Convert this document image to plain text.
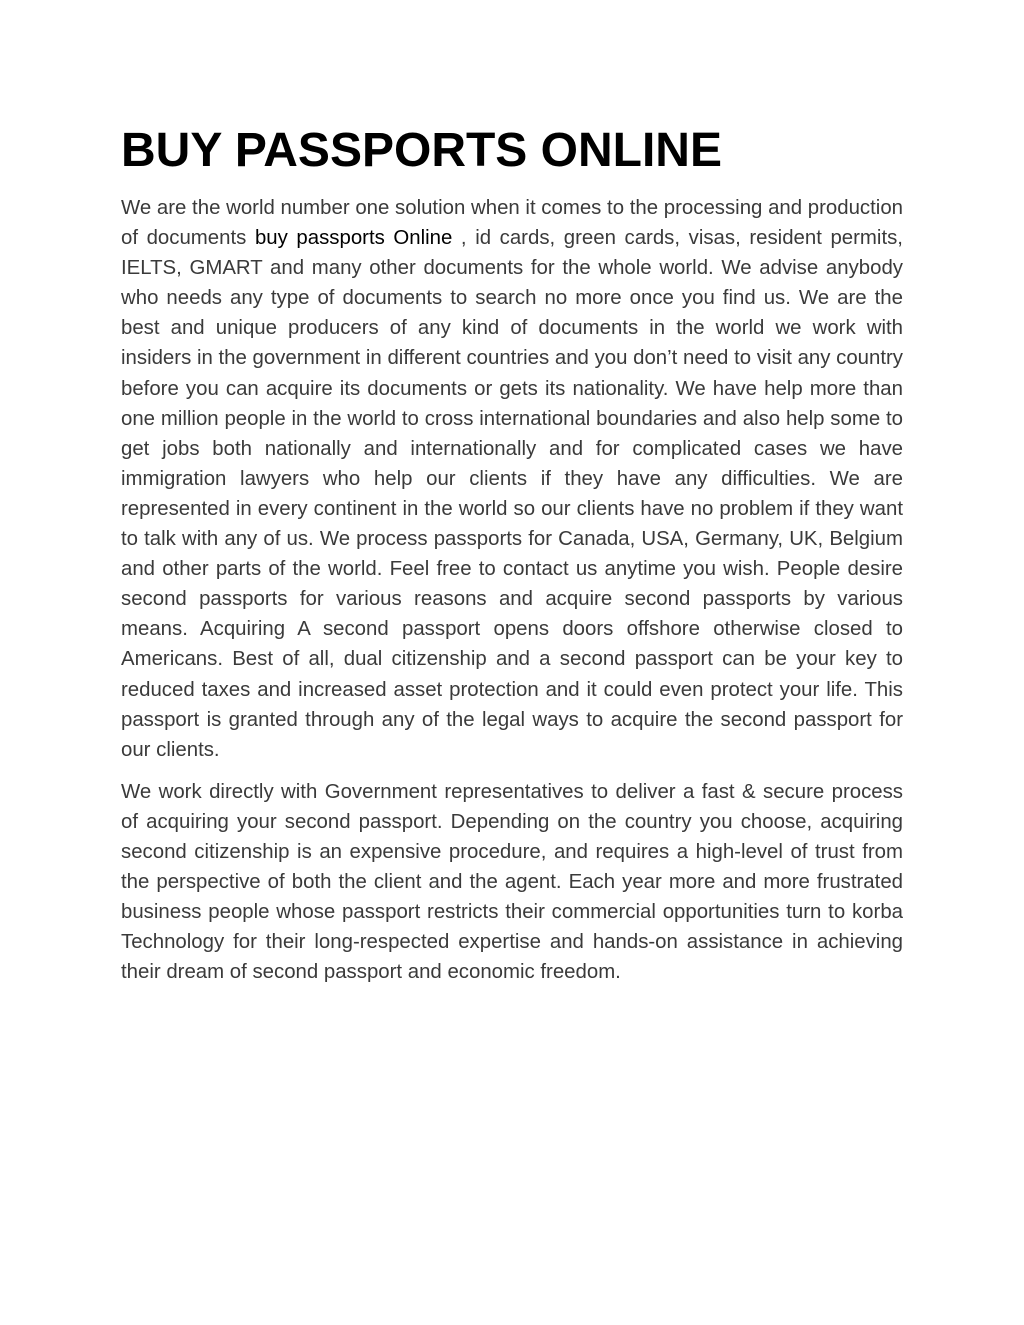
BUY PASSPORTS ONLINE

We are the world number one solution when it comes to the processing and production of documents buy passports Online , id cards, green cards, visas, resident permits, IELTS, GMART and many other documents for the whole world. We advise anybody who needs any type of documents to search no more once you find us. We are the best and unique producers of any kind of documents in the world we work with insiders in the government in different countries and you don’t need to visit any country before you can acquire its documents or gets its nationality. We have help more than one million people in the world to cross international boundaries and also help some to get jobs both nationally and internationally and for complicated cases we have immigration lawyers who help our clients if they have any difficulties. We are represented in every continent in the world so our clients have no problem if they want to talk with any of us. We process passports for Canada, USA, Germany, UK, Belgium and other parts of the world. Feel free to contact us anytime you wish. People desire second passports for various reasons and acquire second passports by various means. Acquiring A second passport opens doors offshore otherwise closed to Americans. Best of all, dual citizenship and a second passport can be your key to reduced taxes and increased asset protection and it could even protect your life. This passport is granted through any of the legal ways to acquire the second passport for our clients.

We work directly with Government representatives to deliver a fast & secure process of acquiring your second passport. Depending on the country you choose, acquiring second citizenship is an expensive procedure, and requires a high-level of trust from the perspective of both the client and the agent. Each year more and more frustrated business people whose passport restricts their commercial opportunities turn to korba Technology for their long-respected expertise and hands-on assistance in achieving their dream of second passport and economic freedom.
